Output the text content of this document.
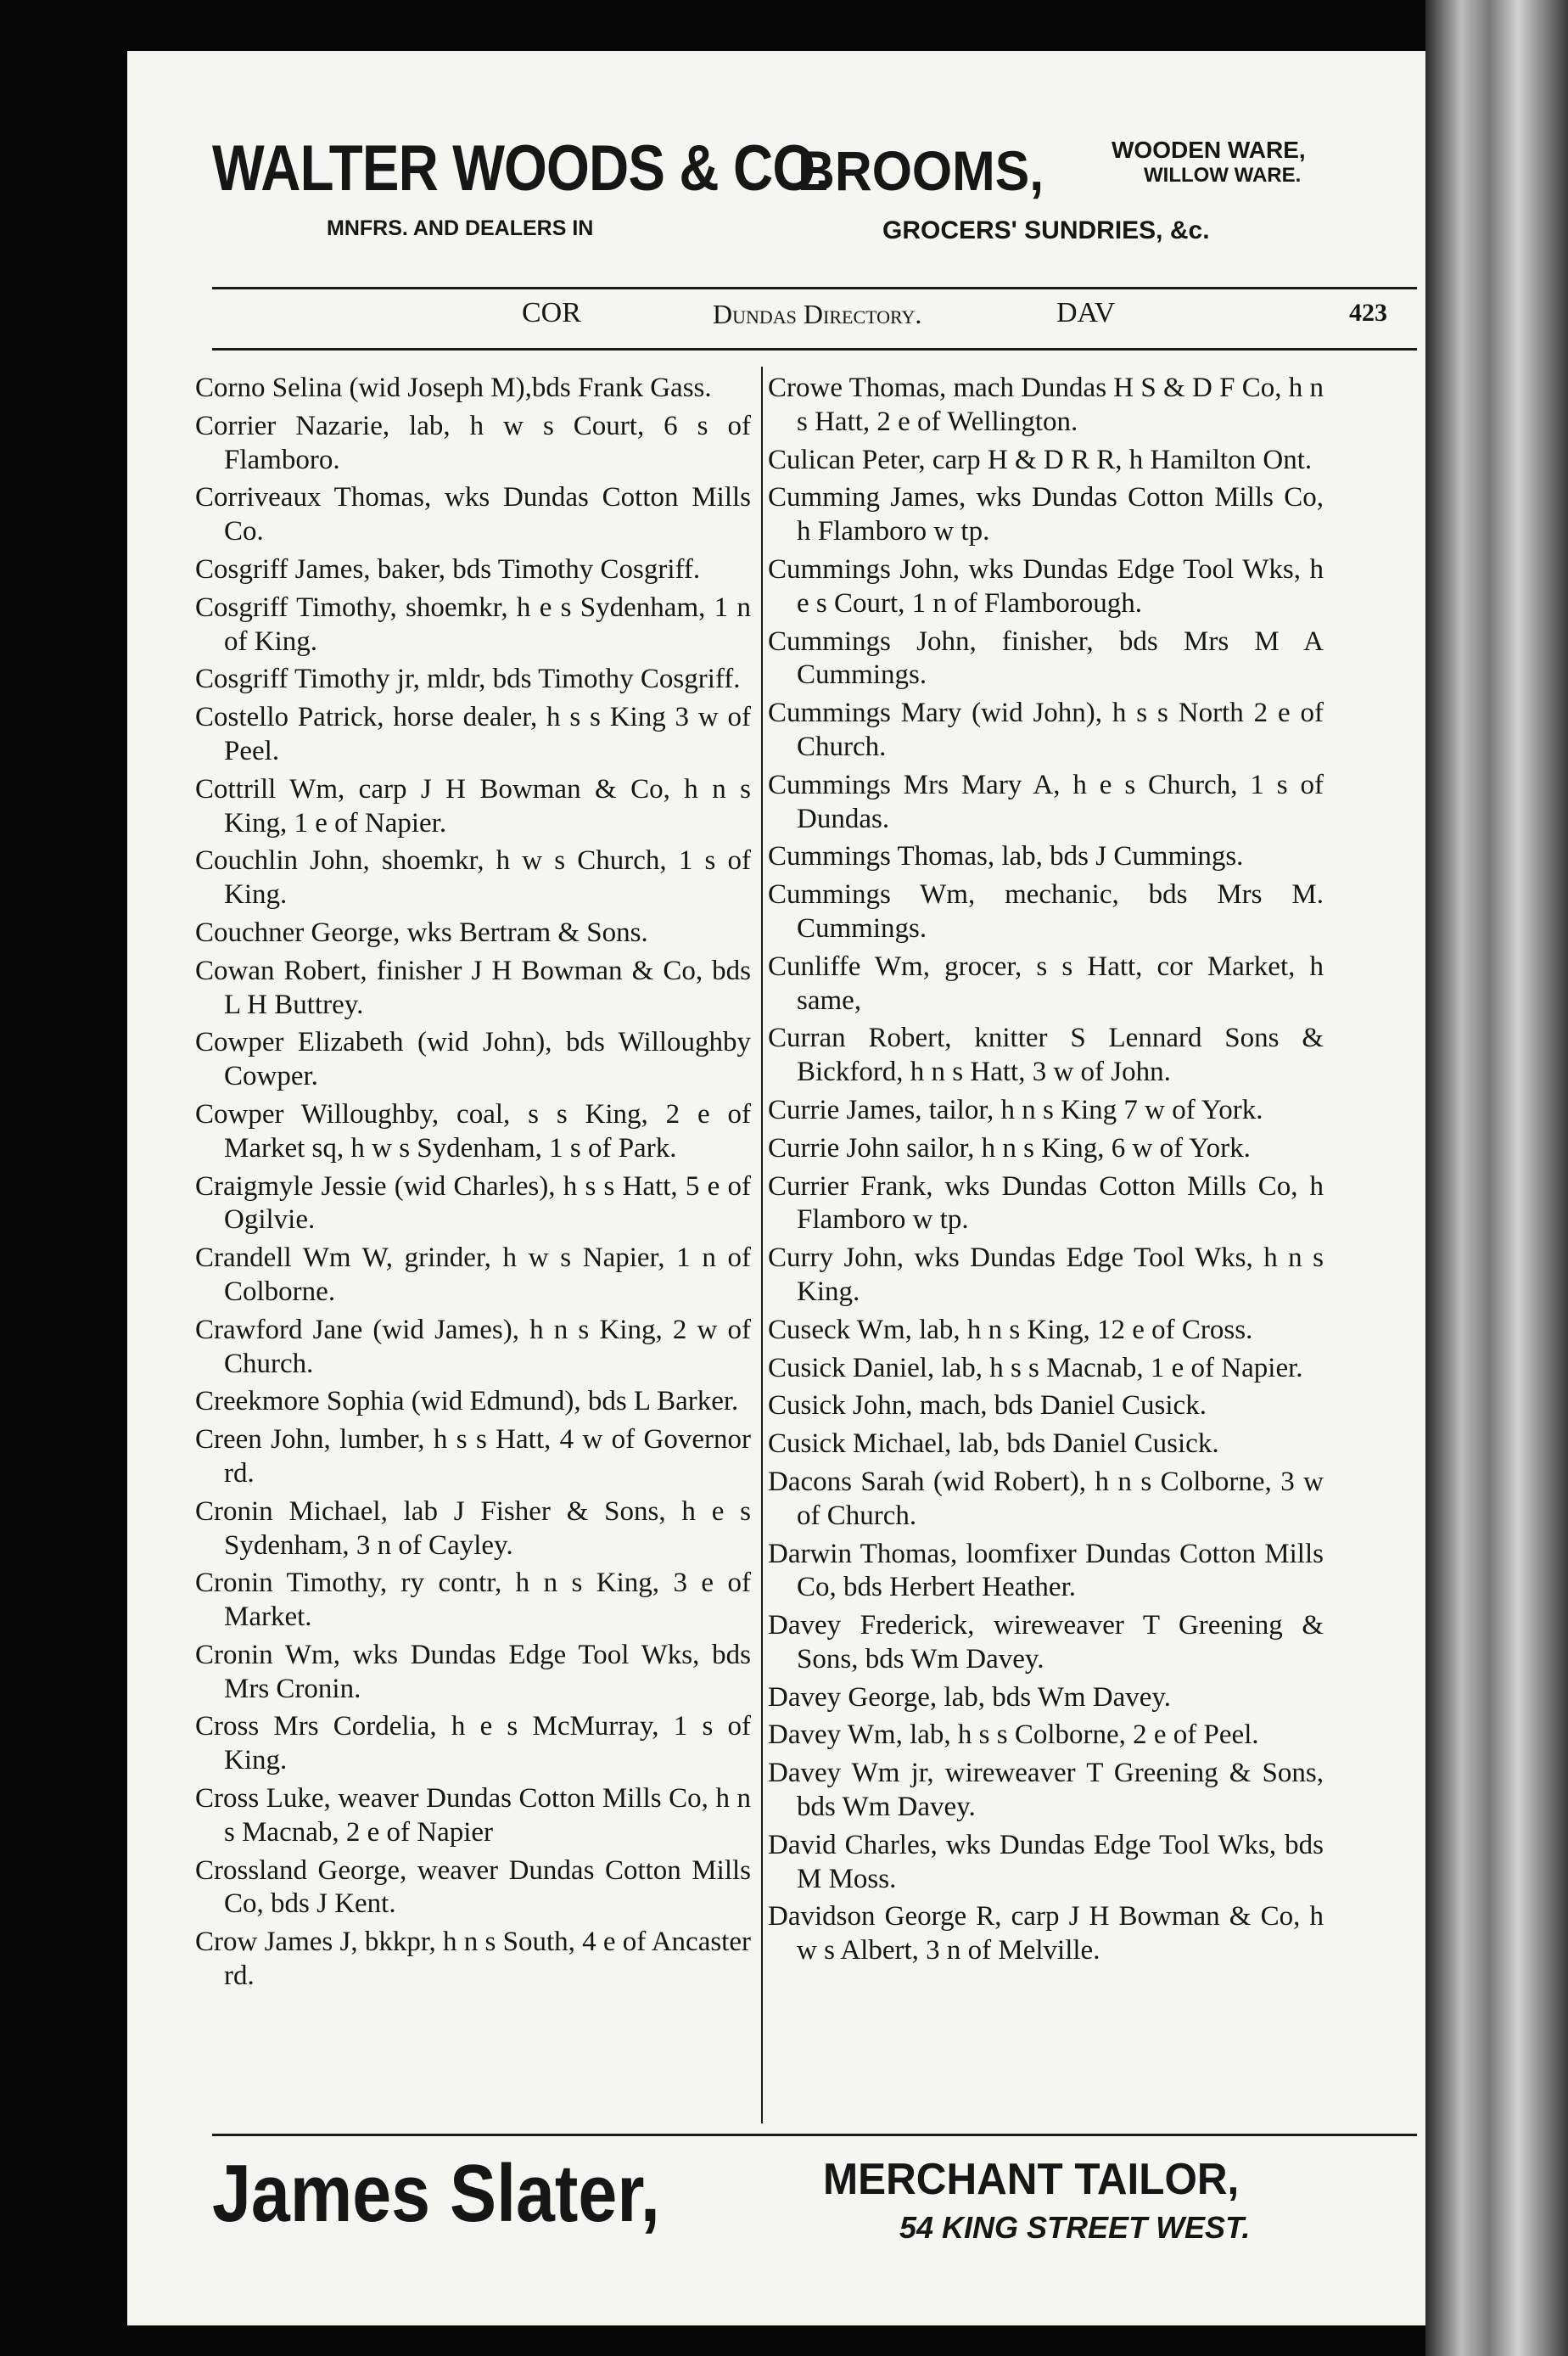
WALTER WOODS & CO.
MNFRS. AND DEALERS IN
BROOMS,	WOODEN WARE,
WILLOW WARE.
GROCERS' SUNDRIES, &c.
COR	Dundas Directory.	DAV	423
Corno Selina (wid Joseph M),bds Frank Gass.
Corrier Nazarie, lab, h w s Court, 6 s of Flamboro.
Corriveaux Thomas, wks Dundas Cotton Mills Co.
Cosgriff James, baker, bds Timothy Cosgriff.
Cosgriff Timothy, shoemkr, h e s Sydenham, 1 n of King.
Cosgriff Timothy jr, mldr, bds Timothy Cosgriff.
Costello Patrick, horse dealer, h s s King 3 w of Peel.
Cottrill Wm, carp J H Bowman & Co, h n s King, 1 e of Napier.
Couchlin John, shoemkr, h w s Church, 1 s of King.
Couchner George, wks Bertram & Sons.
Cowan Robert, finisher J H Bowman & Co, bds L H Buttrey.
Cowper Elizabeth (wid John), bds Willoughby Cowper.
Cowper Willoughby, coal, s s King, 2 e of Market sq, h w s Sydenham, 1 s of Park.
Craigmyle Jessie (wid Charles), h s s Hatt, 5 e of Ogilvie.
Crandell Wm W, grinder, h w s Napier, 1 n of Colborne.
Crawford Jane (wid James), h n s King, 2 w of Church.
Creekmore Sophia (wid Edmund), bds L Barker.
Creen John, lumber, h s s Hatt, 4 w of Governor rd.
Cronin Michael, lab J Fisher & Sons, h e s Sydenham, 3 n of Cayley.
Cronin Timothy, ry contr, h n s King, 3 e of Market.
Cronin Wm, wks Dundas Edge Tool Wks, bds Mrs Cronin.
Cross Mrs Cordelia, h e s McMurray, 1 s of King.
Cross Luke, weaver Dundas Cotton Mills Co, h n s Macnab, 2 e of Napier
Crossland George, weaver Dundas Cotton Mills Co, bds J Kent.
Crow James J, bkkpr, h n s South, 4 e of Ancaster rd.
Crowe Thomas, mach Dundas H S & D F Co, h n s Hatt, 2 e of Wellington.
Culican Peter, carp H & D R R, h Hamilton Ont.
Cumming James, wks Dundas Cotton Mills Co, h Flamboro w tp.
Cummings John, wks Dundas Edge Tool Wks, h e s Court, 1 n of Flamborough.
Cummings John, finisher, bds Mrs M A Cummings.
Cummings Mary (wid John), h s s North 2 e of Church.
Cummings Mrs Mary A, h e s Church, 1 s of Dundas.
Cummings Thomas, lab, bds J Cummings.
Cummings Wm, mechanic, bds Mrs M. Cummings.
Cunliffe Wm, grocer, s s Hatt, cor Market, h same,
Curran Robert, knitter S Lennard Sons & Bickford, h n s Hatt, 3 w of John.
Currie James, tailor, h n s King 7 w of York.
Currie John sailor, h n s King, 6 w of York.
Currier Frank, wks Dundas Cotton Mills Co, h Flamboro w tp.
Curry John, wks Dundas Edge Tool Wks, h n s King.
Cuseck Wm, lab, h n s King, 12 e of Cross.
Cusick Daniel, lab, h s s Macnab, 1 e of Napier.
Cusick John, mach, bds Daniel Cusick.
Cusick Michael, lab, bds Daniel Cusick.
Dacons Sarah (wid Robert), h n s Colborne, 3 w of Church.
Darwin Thomas, loomfixer Dundas Cotton Mills Co, bds Herbert Heather.
Davey Frederick, wireweaver T Greening & Sons, bds Wm Davey.
Davey George, lab, bds Wm Davey.
Davey Wm, lab, h s s Colborne, 2 e of Peel.
Davey Wm jr, wireweaver T Greening & Sons, bds Wm Davey.
David Charles, wks Dundas Edge Tool Wks, bds M Moss.
Davidson George R, carp J H Bowman & Co, h w s Albert, 3 n of Melville.
James Slater,	MERCHANT TAILOR,
54 KING STREET WEST.
